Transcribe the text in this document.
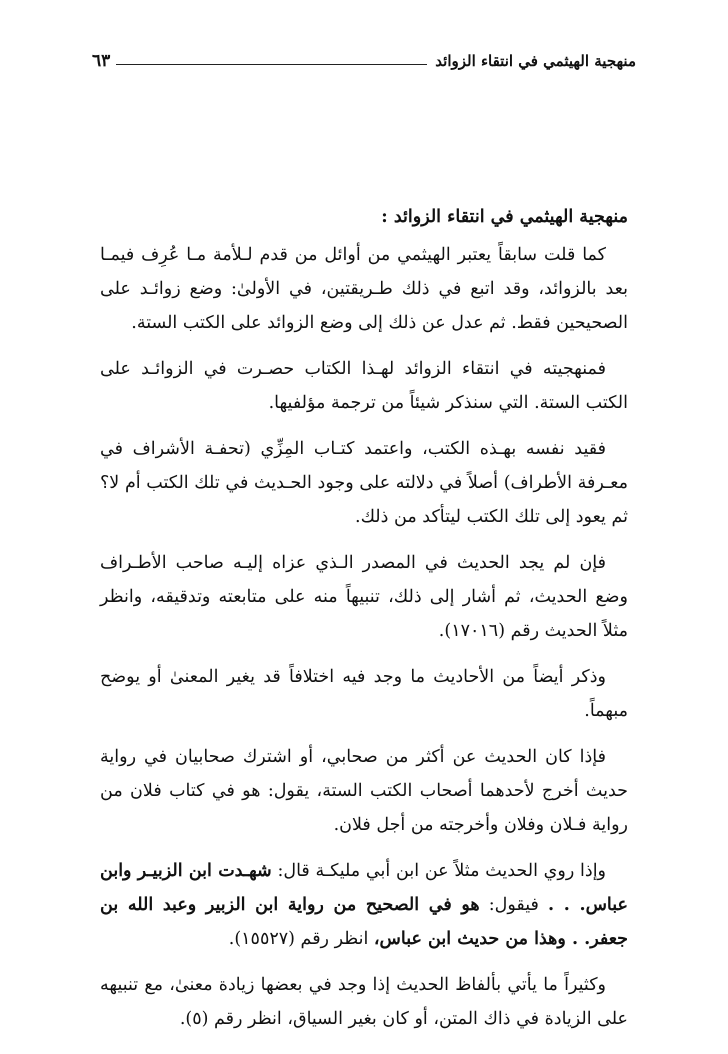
منهجية الهيثمي في انتقاء الزوائد
٦٣

منهجية الهيثمي في انتقاء الزوائد :

كما قلت سابقاً يعتبر الهيثمي من أوائل من قدم لـلأمة مـا عُرِف فيمـا بعد بالزوائد، وقد اتبع في ذلك طـريقتين، في الأولىٰ: وضع زوائـد على الصحيحين فقط. ثم عدل عن ذلك إلى وضع الزوائد على الكتب الستة.

فمنهجيته في انتقاء الزوائد لهـذا الكتاب حصـرت في الزوائـد على الكتب الستة. التي سنذكر شيئاً من ترجمة مؤلفيها.

فقيد نفسه بهـذه الكتب، واعتمد كتـاب المِزِّي (تحفـة الأشراف في معـرفة الأطراف) أصلاً في دلالته على وجود الحـديث في تلك الكتب أم لا؟ ثم يعود إلى تلك الكتب ليتأكد من ذلك.

فإن لم يجد الحديث في المصدر الـذي عزاه إليـه صاحب الأطـراف وضع الحديث، ثم أشار إلى ذلك، تنبيهاً منه على متابعته وتدقيقه، وانظر مثلاً الحديث رقم (١٧٠١٦).

وذكر أيضاً من الأحاديث ما وجد فيه اختلافاً قد يغير المعنىٰ أو يوضح مبهماً.

فإذا كان الحديث عن أكثر من صحابي، أو اشترك صحابيان في رواية حديث أخرج لأحدهما أصحاب الكتب الستة، يقول: هو في كتاب فلان من رواية فـلان وفلان وأخرجته من أجل فلان.

وإذا روي الحديث مثلاً عن ابن أبي مليكـة قال: شهـدت ابن الزبيـر وابن عباس. . . فيقول: هو في الصحيح من رواية ابن الزبير وعبد الله بن جعفر. . وهذا من حديث ابن عباس، انظر رقم (١٥٥٢٧).

وكثيراً ما يأتي بألفاظ الحديث إذا وجد في بعضها زيادة معنىٰ، مع تنبيهه على الزيادة في ذاك المتن، أو كان بغير السياق، انظر رقم (٥).
